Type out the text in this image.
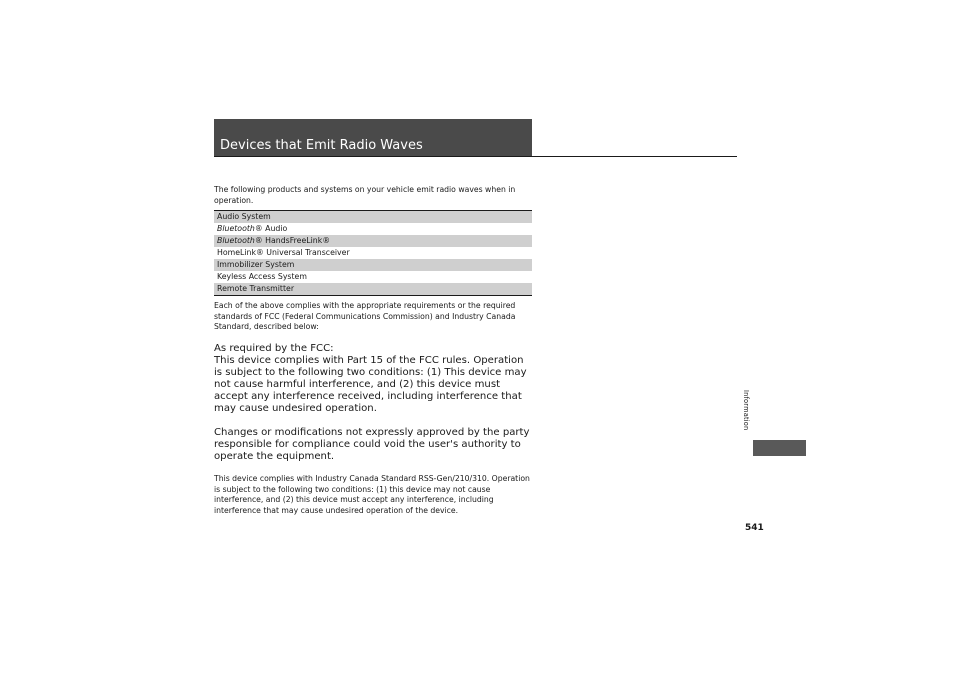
Devices that Emit Radio Waves
The following products and systems on your vehicle emit radio waves when in operation.
Audio System
Bluetooth® Audio
Bluetooth® HandsFreeLink®
HomeLink® Universal Transceiver
Immobilizer System
Keyless Access System
Remote Transmitter
Each of the above complies with the appropriate requirements or the required standards of FCC (Federal Communications Commission) and Industry Canada Standard, described below:

As required by the FCC:

This device complies with Part 15 of the FCC rules. Operation is subject to the following two conditions: (1) This device may not cause harmful interference, and (2) this device must accept any interference received, including interference that may cause undesired operation.

Changes or modifications not expressly approved by the party responsible for compliance could void the user's authority to operate the equipment.

This device complies with Industry Canada Standard RSS-Gen/210/310. Operation is subject to the following two conditions: (1) this device may not cause interference, and (2) this device must accept any interference, including interference that may cause undesired operation of the device.
Information
541
